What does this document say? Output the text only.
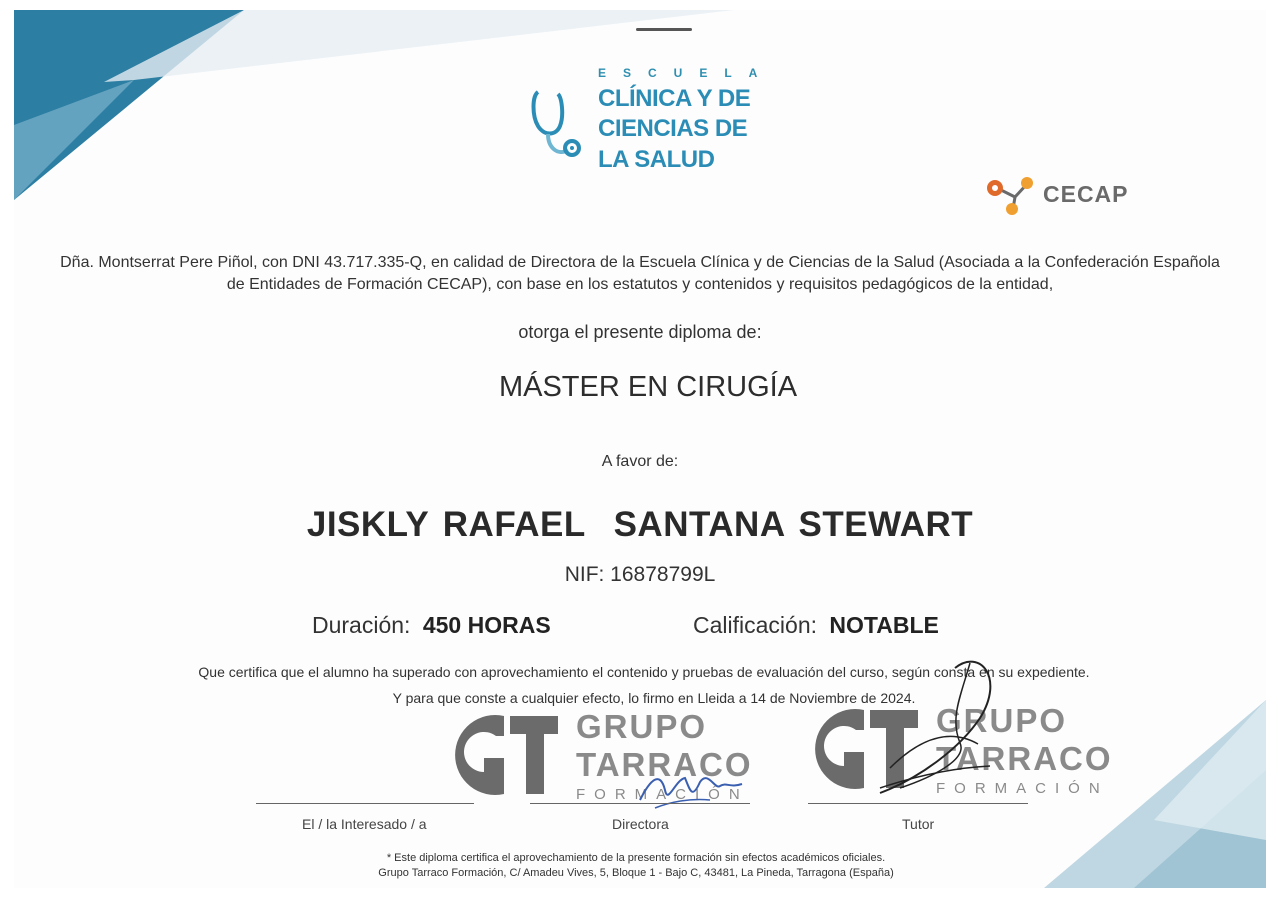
ESCUELA
CLÍNICA Y DE
CIENCIAS DE
LA SALUD
CECAP
Dña. Montserrat Pere Piñol, con DNI 43.717.335-Q, en calidad de Directora de la Escuela Clínica y de Ciencias de la Salud (Asociada a la Confederación Española de Entidades de Formación CECAP), con base en los estatutos y contenidos y requisitos pedagógicos de la entidad,
otorga el presente diploma de:
MÁSTER EN CIRUGÍA
A favor de:
JISKLY RAFAEL  SANTANA STEWART
NIF: 16878799L
Duración: 450 HORAS	Calificación: NOTABLE
Que certifica que el alumno ha superado con aprovechamiento el contenido y pruebas de evaluación del curso, según consta en su expediente.
Y para que conste a cualquier efecto, lo firmo en Lleida a 14 de Noviembre de 2024.
GRUPO
TARRACO
FORMACIÓN
GRUPO
TARRACO
FORMACIÓN
El / la Interesado / a	Directora	Tutor
* Este diploma certifica el aprovechamiento de la presente formación sin efectos académicos oficiales.
Grupo Tarraco Formación, C/ Amadeu Vives, 5, Bloque 1 - Bajo C, 43481, La Pineda, Tarragona (España)
